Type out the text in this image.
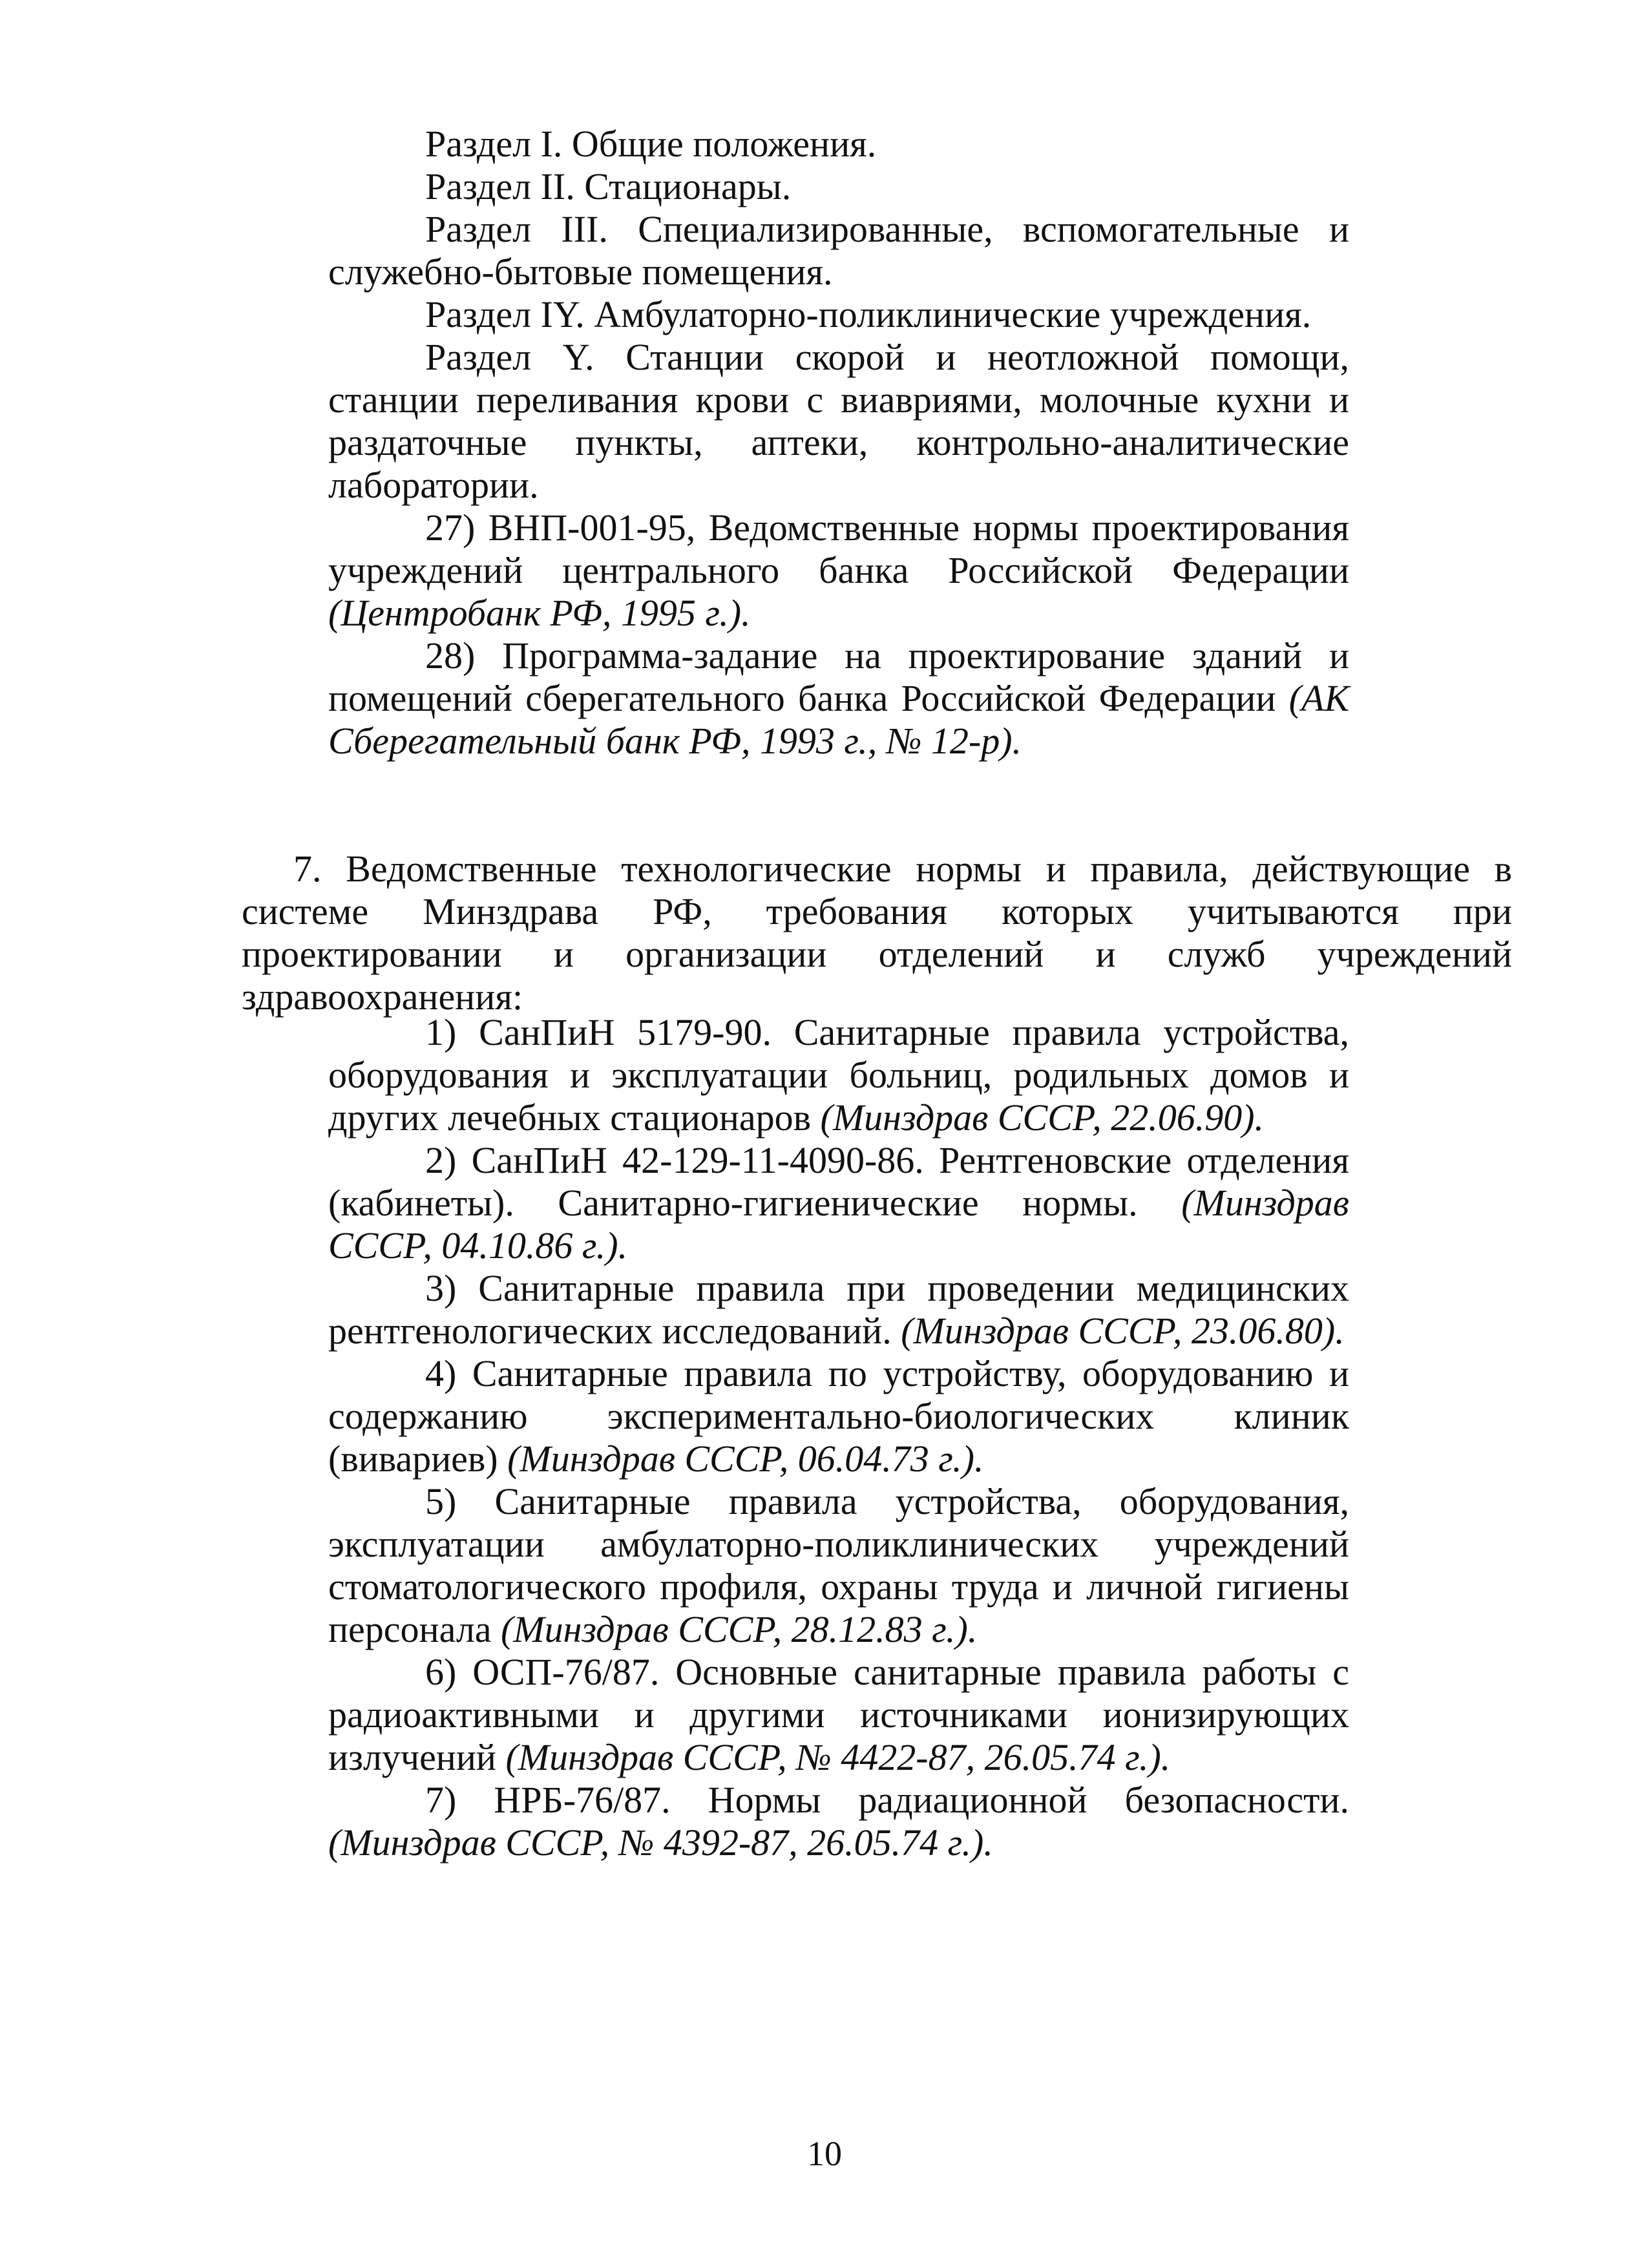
Раздел I. Общие положения.

Раздел II. Стационары.

Раздел III. Специализированные, вспомогательные и служебно-бытовые помещения.

Раздел IY. Амбулаторно-поликлинические учреждения.

Раздел Y. Станции скорой и неотложной помощи, станции переливания крови с виавриями, молочные кухни и раздаточные пункты, аптеки, контрольно-аналитические лаборатории.

27) ВНП-001-95, Ведомственные нормы проектирования учреждений центрального банка Российской Федерации (Центробанк РФ, 1995 г.).

28) Программа-задание на проектирование зданий и помещений сберегательного банка Российской Федерации (АК Сберегательный банк РФ, 1993 г., № 12-р).

7. Ведомственные технологические нормы и правила, действующие в системе Минздрава РФ, требования которых учитываются при проектировании и организации отделений и служб учреждений здравоохранения:

1) СанПиН 5179-90. Санитарные правила устройства, оборудования и эксплуатации больниц, родильных домов и других лечебных стационаров (Минздрав СССР, 22.06.90).

2) СанПиН 42-129-11-4090-86. Рентгеновские отделения (кабинеты). Санитарно-гигиенические нормы. (Минздрав СССР, 04.10.86 г.).

3) Санитарные правила при проведении медицинских рентгенологических исследований. (Минздрав СССР, 23.06.80).

4) Санитарные правила по устройству, оборудованию и содержанию экспериментально-биологических клиник (вивариев) (Минздрав СССР, 06.04.73 г.).

5) Санитарные правила устройства, оборудования, эксплуатации амбулаторно-поликлинических учреждений стоматологического профиля, охраны труда и личной гигиены персонала (Минздрав СССР, 28.12.83 г.).

6) ОСП-76/87. Основные санитарные правила работы с радиоактивными и другими источниками ионизирующих излучений (Минздрав СССР, № 4422-87, 26.05.74 г.).

7) НРБ-76/87. Нормы радиационной безопасности. (Минздрав СССР, № 4392-87, 26.05.74 г.).

10
